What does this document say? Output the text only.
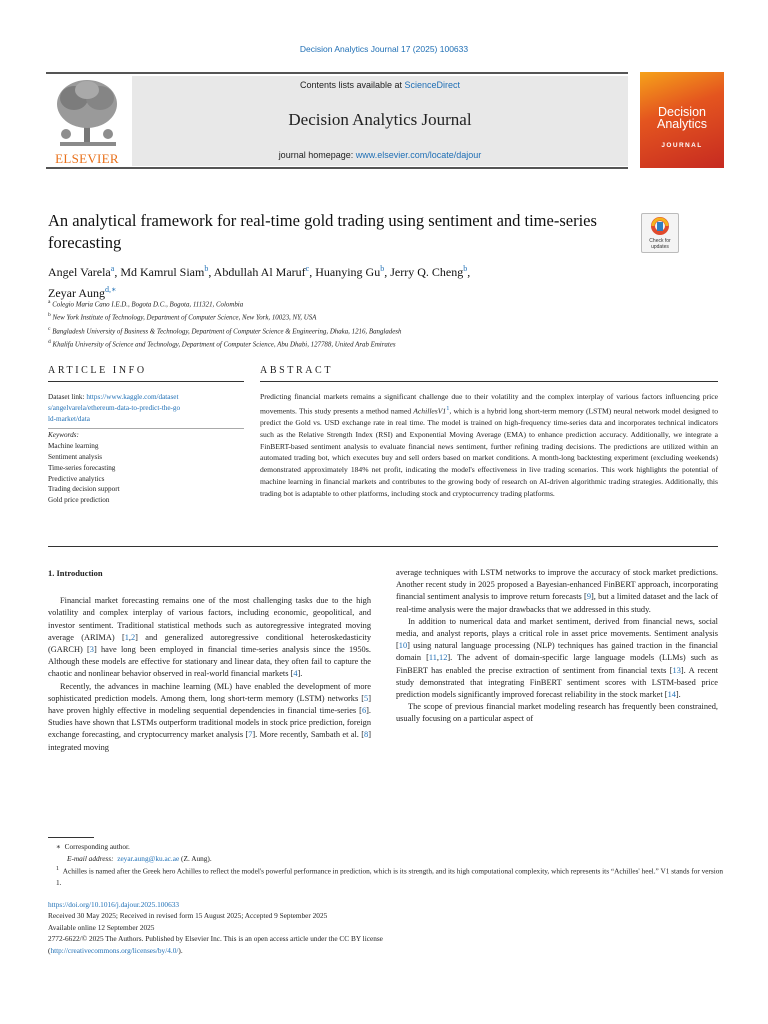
Decision Analytics Journal 17 (2025) 100633
ELSEVIER
Contents lists available at ScienceDirect
Decision Analytics Journal
journal homepage: www.elsevier.com/locate/dajour
Decision
Analytics
JOURNAL
An analytical framework for real-time gold trading using sentiment and time-series forecasting	Check for
updates
Angel Varela$^a$, Md Kamrul Siam$^b$, Abdullah Al Maruf$^c$, Huanying Gu$^b$, Jerry Q. Cheng$^b$,
Zeyar Aung$^{d,∗}$
$^a$ Colegio Maria Cano I.E.D., Bogota D.C., Bogota, 111321, Colombia
$^b$ New York Institute of Technology, Department of Computer Science, New York, 10023, NY, USA
$^c$ Bangladesh University of Business & Technology, Department of Computer Science & Engineering, Dhaka, 1216, Bangladesh
$^d$ Khalifa University of Science and Technology, Department of Computer Science, Abu Dhabi, 127788, United Arab Emirates
ARTICLE INFO
Dataset link: https://www.kaggle.com/dataset
s/angelvarela/ethereum-data-to-predict-the-go
ld-market/data
Keywords:
Machine learning
Sentiment analysis
Time-series forecasting
Predictive analytics
Trading decision support
Gold price prediction
ABSTRACT
Predicting financial markets remains a significant challenge due to their volatility and the complex interplay of various factors influencing price movements. This study presents a method named $AchillesV1^1$, which is a hybrid long short-term memory (LSTM) neural network model designed to predict the Gold vs. USD exchange rate in real time. The model is trained on high-frequency time-series data and incorporates technical indicators such as the Relative Strength Index (RSI) and Exponential Moving Average (EMA) to enhance prediction accuracy. Additionally, we integrate a FinBERT-based sentiment analysis to evaluate financial news sentiment, further refining trading decisions. The predictions are utilized within an automated trading bot, which executes buy and sell orders based on market conditions. A month-long backtesting experiment (excluding weekends) demonstrated approximately 184% net profit, indicating the model's effectiveness in live trading scenarios. This work highlights the potential of machine learning in financial markets and contributes to the growing body of research on AI-driven algorithmic trading strategies. Additionally, this trading bot is adaptable to other platforms, including stock and cryptocurrency trading platforms.

1. Introduction

Financial market forecasting remains one of the most challenging tasks due to the high volatility and complex interplay of various factors, including economic, geopolitical, and investor sentiment. Traditional statistical methods such as autoregressive integrated moving average (ARIMA) [1,2] and generalized autoregressive conditional heteroskedasticity (GARCH) [3] have long been employed in financial time-series analysis since the 1950s. Although these models are effective for stationary and linear data, they often fail to capture the chaotic and nonlinear behavior observed in real-world financial markets [4].

Recently, the advances in machine learning (ML) have enabled the development of more sophisticated prediction models. Among them, long short-term memory (LSTM) networks [5] have proven highly effective in modeling sequential dependencies in financial time-series [6]. Studies have shown that LSTMs outperform traditional models in stock price prediction, foreign exchange forecasting, and cryptocurrency market analysis [7]. More recently, Sambath et al. [8] integrated moving

average techniques with LSTM networks to improve the accuracy of stock market predictions. Another recent study in 2025 proposed a Bayesian-enhanced FinBERT approach, incorporating financial sentiment analysis to improve return forecasts [9], but a limited dataset and the lack of real-time analysis were the major drawbacks that we addressed in this study.

In addition to numerical data and market sentiment, derived from financial news, social media, and analyst reports, plays a critical role in asset price movements. Sentiment analysis [10] using natural language processing (NLP) techniques has gained traction in the financial domain [11,12]. The advent of domain-specific large language models (LLMs) such as FinBERT has enabled the precise extraction of sentiment from financial texts [13]. A recent study demonstrated that integrating FinBERT sentiment scores with LSTM-based price prediction models significantly improved forecast reliability in the stock market [14].

The scope of previous financial market modeling research has frequently been constrained, usually focusing on a particular aspect of

∗ Corresponding author.
E-mail address: zeyar.aung@ku.ac.ae (Z. Aung).
$^1$ Achilles is named after the Greek hero Achilles to reflect the model's powerful performance in prediction, which is its strength, and its high computational complexity, which represents its “Achilles' heel.” V1 stands for version 1.
https://doi.org/10.1016/j.dajour.2025.100633
Received 30 May 2025; Received in revised form 15 August 2025; Accepted 9 September 2025
Available online 12 September 2025
2772-6622/© 2025 The Authors. Published by Elsevier Inc. This is an open access article under the CC BY license
(http://creativecommons.org/licenses/by/4.0/).
